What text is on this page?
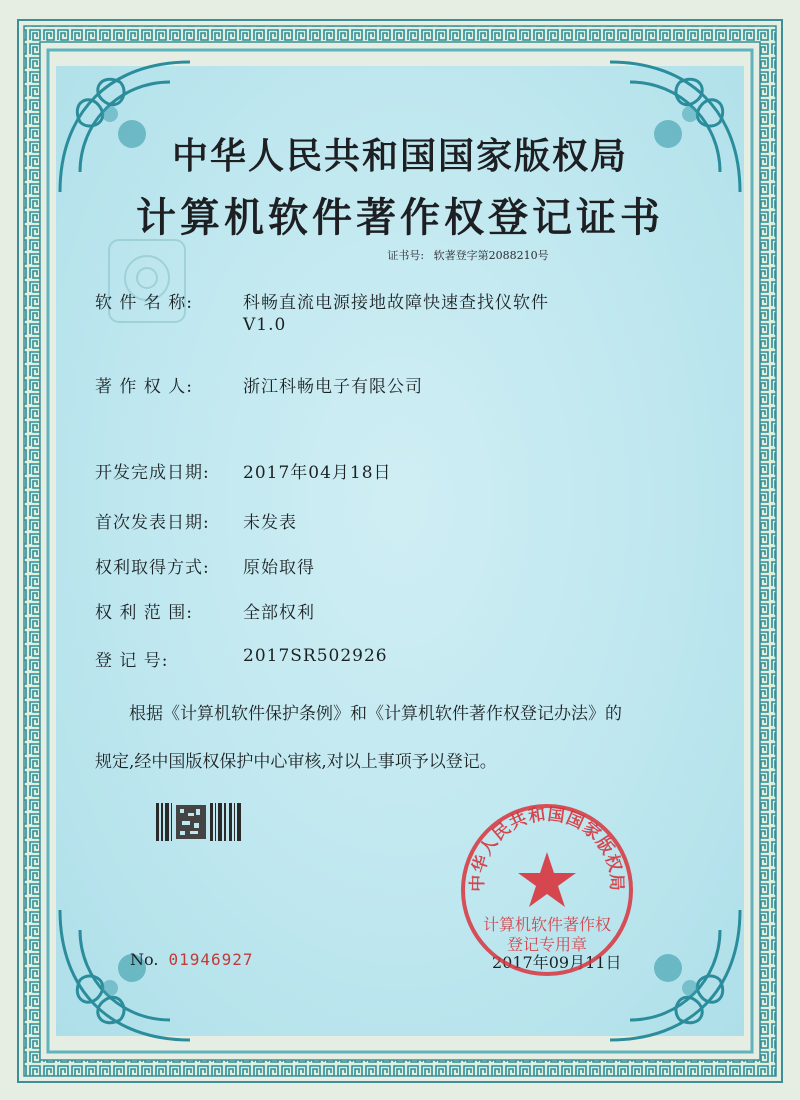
中华人民共和国国家版权局
计算机软件著作权登记证书
证书号: 软著登字第2088210号
软 件 名 称:	科畅直流电源接地故障快速查找仪软件
V1.0
著 作 权 人:	浙江科畅电子有限公司
开发完成日期: 2017年04月18日
首次发表日期: 未发表
权利取得方式: 原始取得
权 利 范 围:	全部权利
登 记 号:	2017SR502926
根据《计算机软件保护条例》和《计算机软件著作权登记办法》的
规定,经中国版权保护中心审核,对以上事项予以登记。
No. 01946927	2017年09月11日
中华人民共和国国家版权局
计算机软件著作权
登记专用章
